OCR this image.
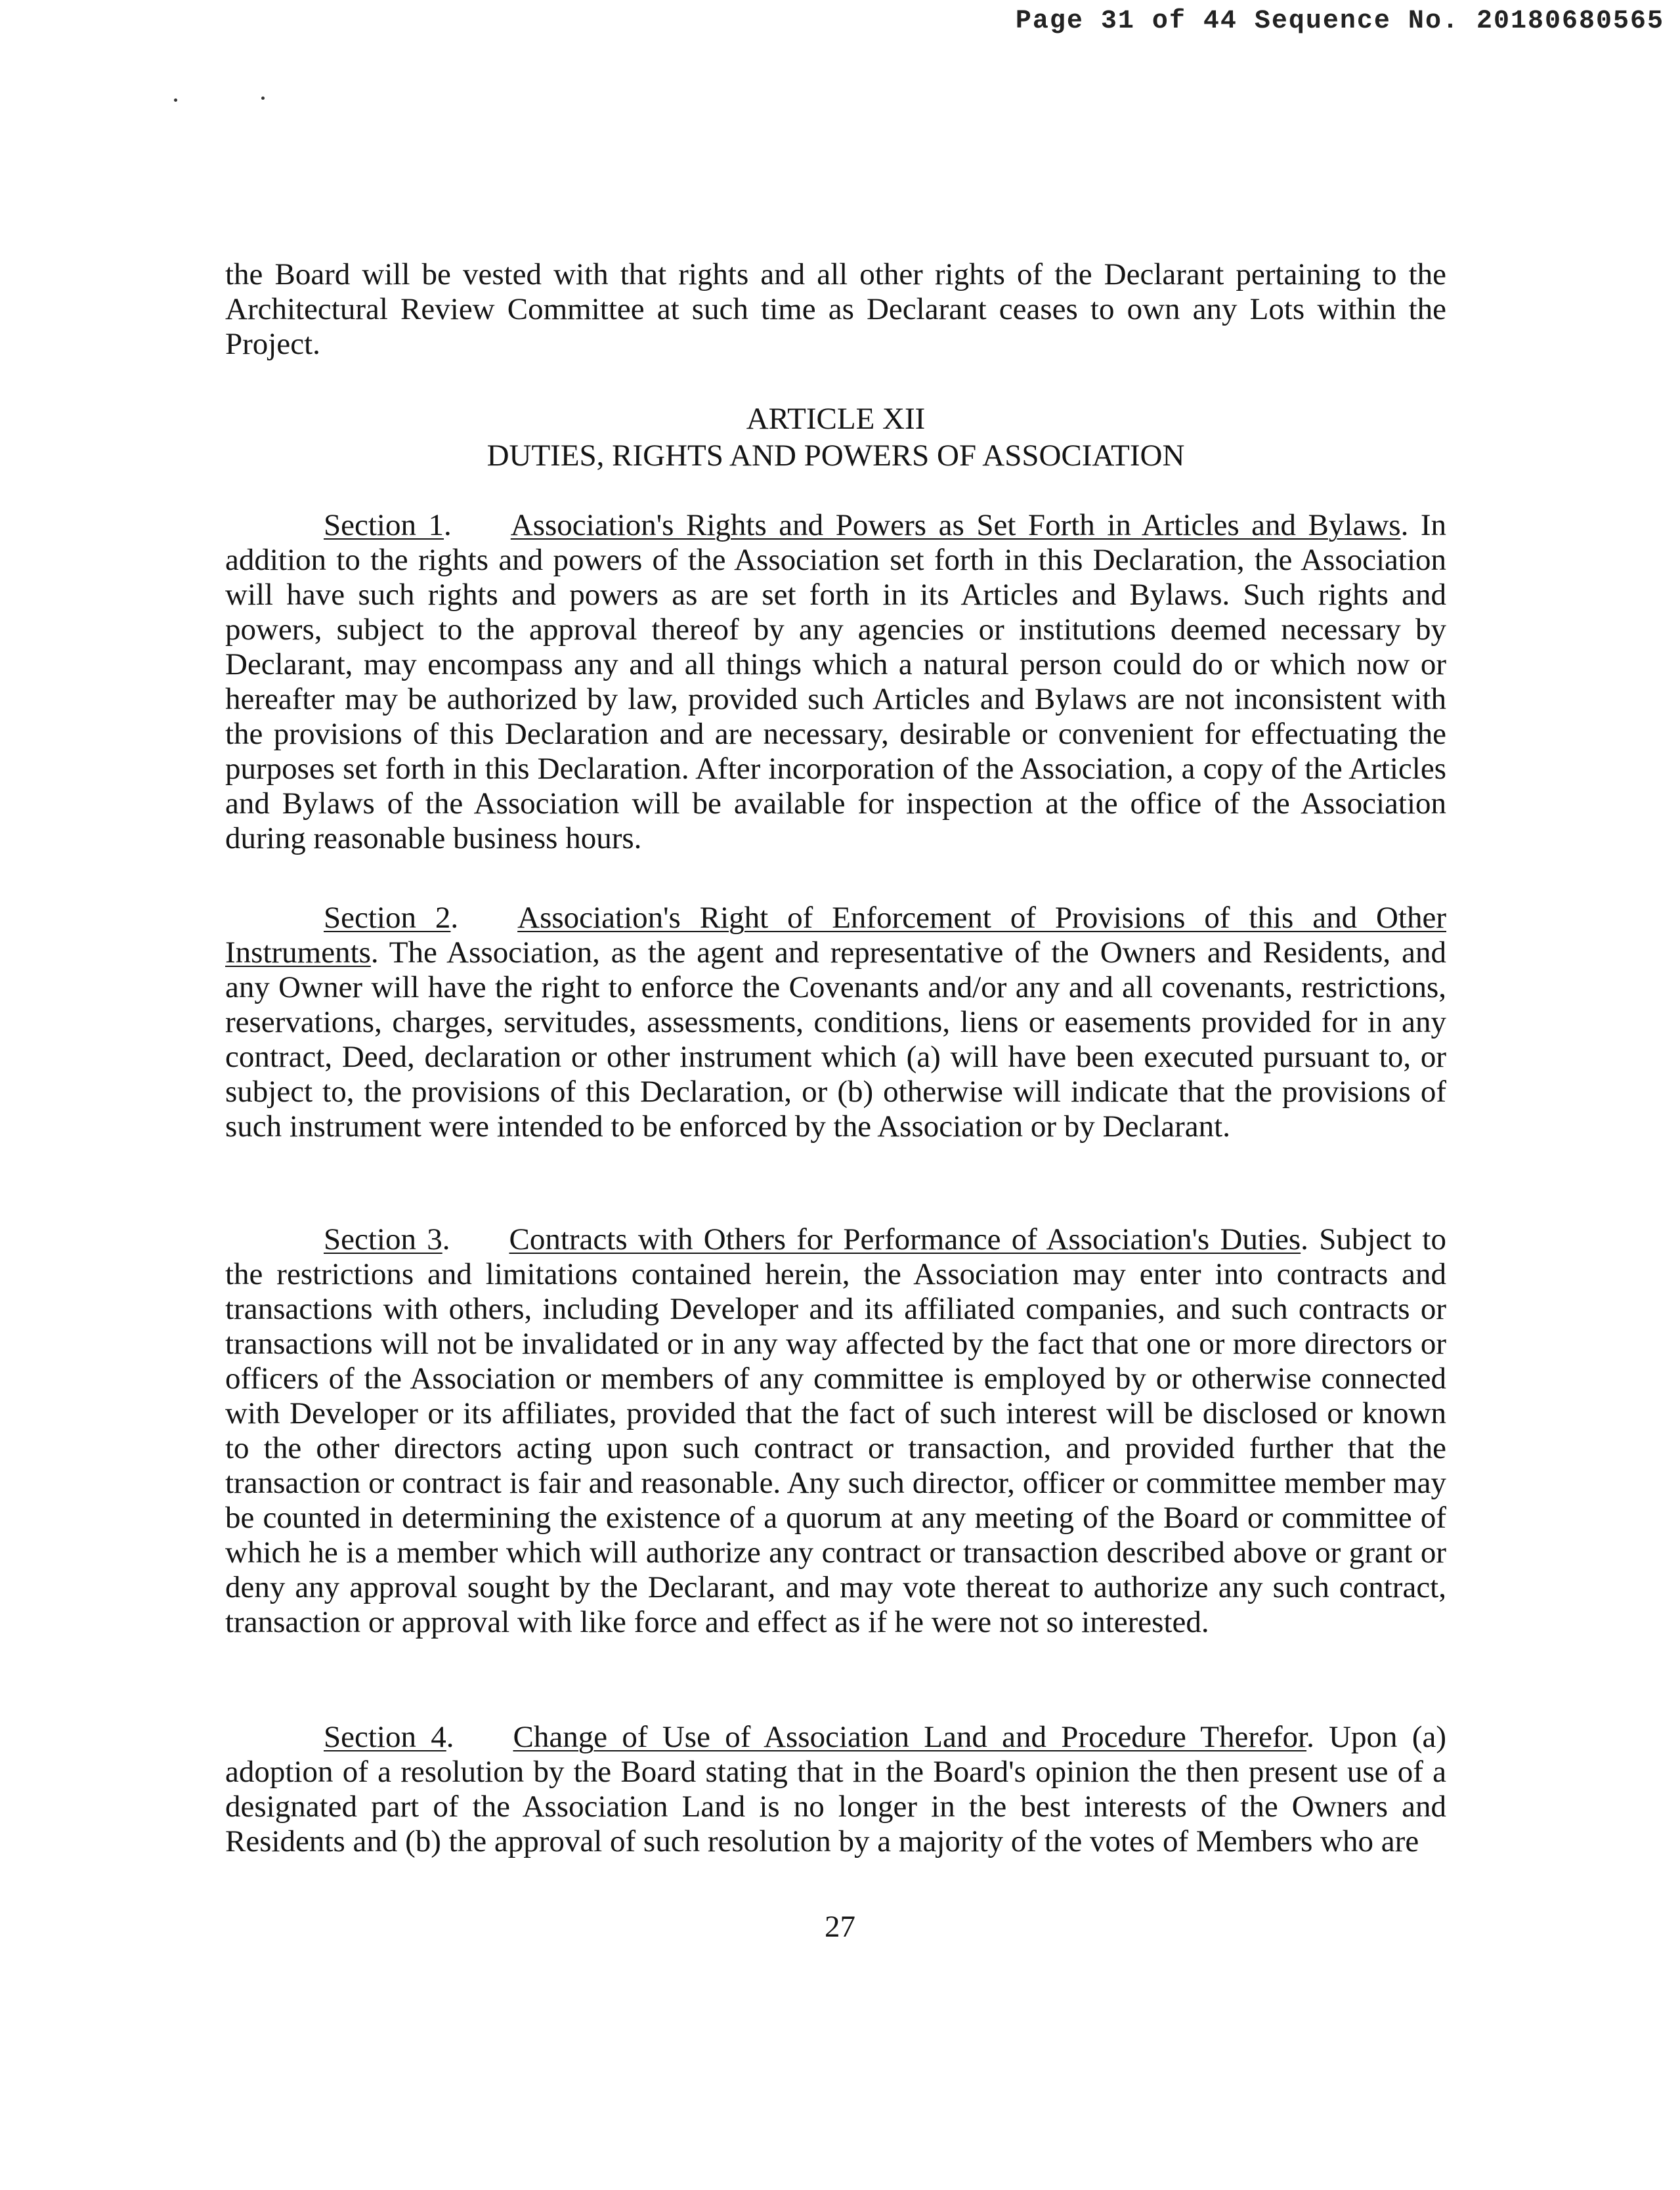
Page 31 of 44 Sequence No. 20180680565

the Board will be vested with that rights and all other rights of the Declarant pertaining to the Architectural Review Committee at such time as Declarant ceases to own any Lots within the Project.

ARTICLE XII
DUTIES, RIGHTS AND POWERS OF ASSOCIATION

Section 1. Association's Rights and Powers as Set Forth in Articles and Bylaws. In addition to the rights and powers of the Association set forth in this Declaration, the Association will have such rights and powers as are set forth in its Articles and Bylaws. Such rights and powers, subject to the approval thereof by any agencies or institutions deemed necessary by Declarant, may encompass any and all things which a natural person could do or which now or hereafter may be authorized by law, provided such Articles and Bylaws are not inconsistent with the provisions of this Declaration and are necessary, desirable or convenient for effectuating the purposes set forth in this Declaration. After incorporation of the Association, a copy of the Articles and Bylaws of the Association will be available for inspection at the office of the Association during reasonable business hours.

Section 2. Association's Right of Enforcement of Provisions of this and Other Instruments. The Association, as the agent and representative of the Owners and Residents, and any Owner will have the right to enforce the Covenants and/or any and all covenants, restrictions, reservations, charges, servitudes, assessments, conditions, liens or easements provided for in any contract, Deed, declaration or other instrument which (a) will have been executed pursuant to, or subject to, the provisions of this Declaration, or (b) otherwise will indicate that the provisions of such instrument were intended to be enforced by the Association or by Declarant.

Section 3. Contracts with Others for Performance of Association's Duties. Subject to the restrictions and limitations contained herein, the Association may enter into contracts and transactions with others, including Developer and its affiliated companies, and such contracts or transactions will not be invalidated or in any way affected by the fact that one or more directors or officers of the Association or members of any committee is employed by or otherwise connected with Developer or its affiliates, provided that the fact of such interest will be disclosed or known to the other directors acting upon such contract or transaction, and provided further that the transaction or contract is fair and reasonable. Any such director, officer or committee member may be counted in determining the existence of a quorum at any meeting of the Board or committee of which he is a member which will authorize any contract or transaction described above or grant or deny any approval sought by the Declarant, and may vote thereat to authorize any such contract, transaction or approval with like force and effect as if he were not so interested.

Section 4. Change of Use of Association Land and Procedure Therefor. Upon (a) adoption of a resolution by the Board stating that in the Board's opinion the then present use of a designated part of the Association Land is no longer in the best interests of the Owners and Residents and (b) the approval of such resolution by a majority of the votes of Members who are

27
